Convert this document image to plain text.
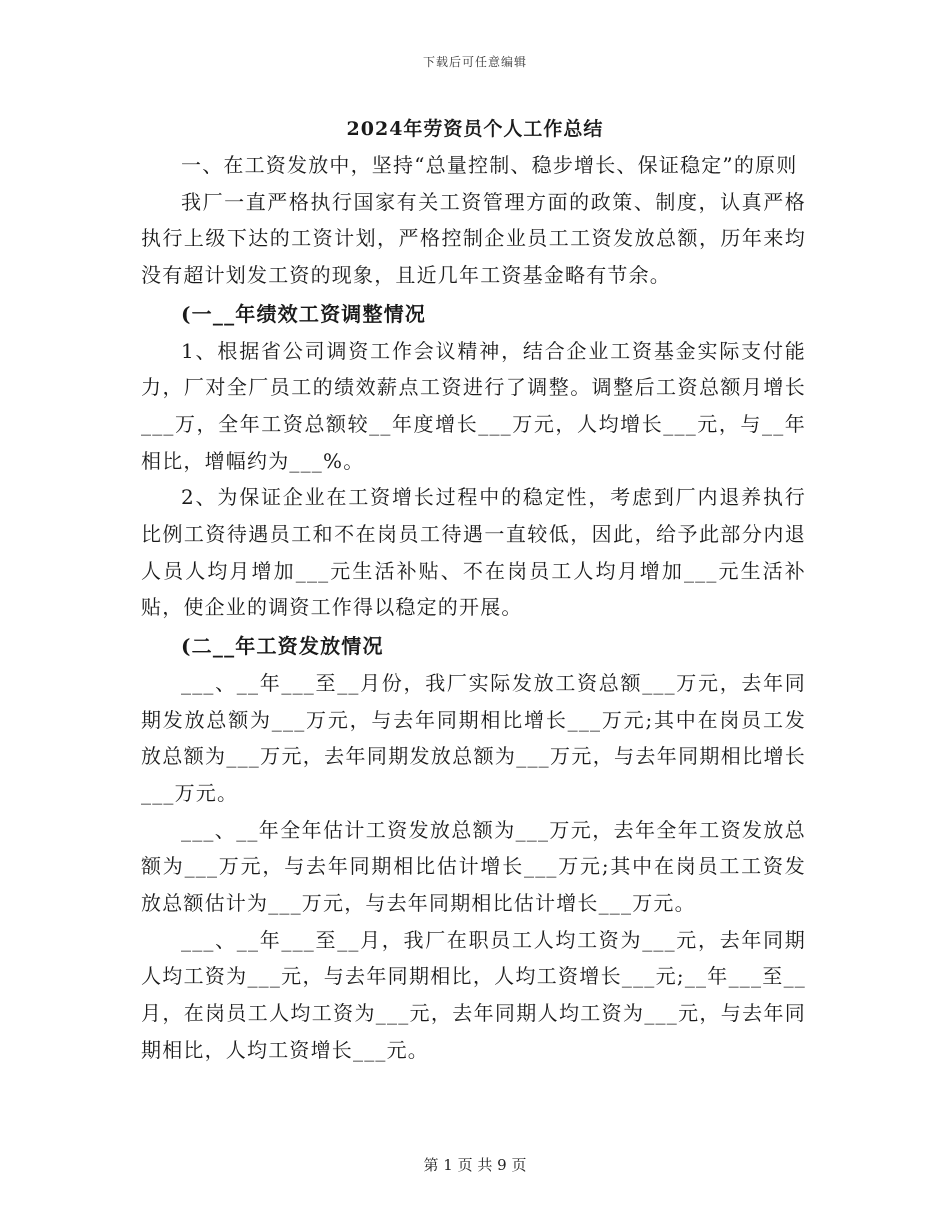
下载后可任意编辑
2024年劳资员个人工作总结

一、在工资发放中，坚持“总量控制、稳步增长、保证稳定”的原则

我厂一直严格执行国家有关工资管理方面的政策、制度，认真严格执行上级下达的工资计划，严格控制企业员工工资发放总额，历年来均没有超计划发工资的现象，且近几年工资基金略有节余。

(一__年绩效工资调整情况

1、根据省公司调资工作会议精神，结合企业工资基金实际支付能力，厂对全厂员工的绩效薪点工资进行了调整。调整后工资总额月增长___万，全年工资总额较__年度增长___万元，人均增长___元，与__年相比，增幅约为___%。

2、为保证企业在工资增长过程中的稳定性，考虑到厂内退养执行比例工资待遇员工和不在岗员工待遇一直较低，因此，给予此部分内退人员人均月增加___元生活补贴、不在岗员工人均月增加___元生活补贴，使企业的调资工作得以稳定的开展。

(二__年工资发放情况

___、__年___至__月份，我厂实际发放工资总额___万元，去年同期发放总额为___万元，与去年同期相比增长___万元;其中在岗员工发放总额为___万元，去年同期发放总额为___万元，与去年同期相比增长___万元。

___、__年全年估计工资发放总额为___万元，去年全年工资发放总额为___万元，与去年同期相比估计增长___万元;其中在岗员工工资发放总额估计为___万元，与去年同期相比估计增长___万元。

___、__年___至__月，我厂在职员工人均工资为___元，去年同期人均工资为___元，与去年同期相比，人均工资增长___元;__年___至__月，在岗员工人均工资为___元，去年同期人均工资为___元，与去年同期相比，人均工资增长___元。

第 1 页 共 9 页
